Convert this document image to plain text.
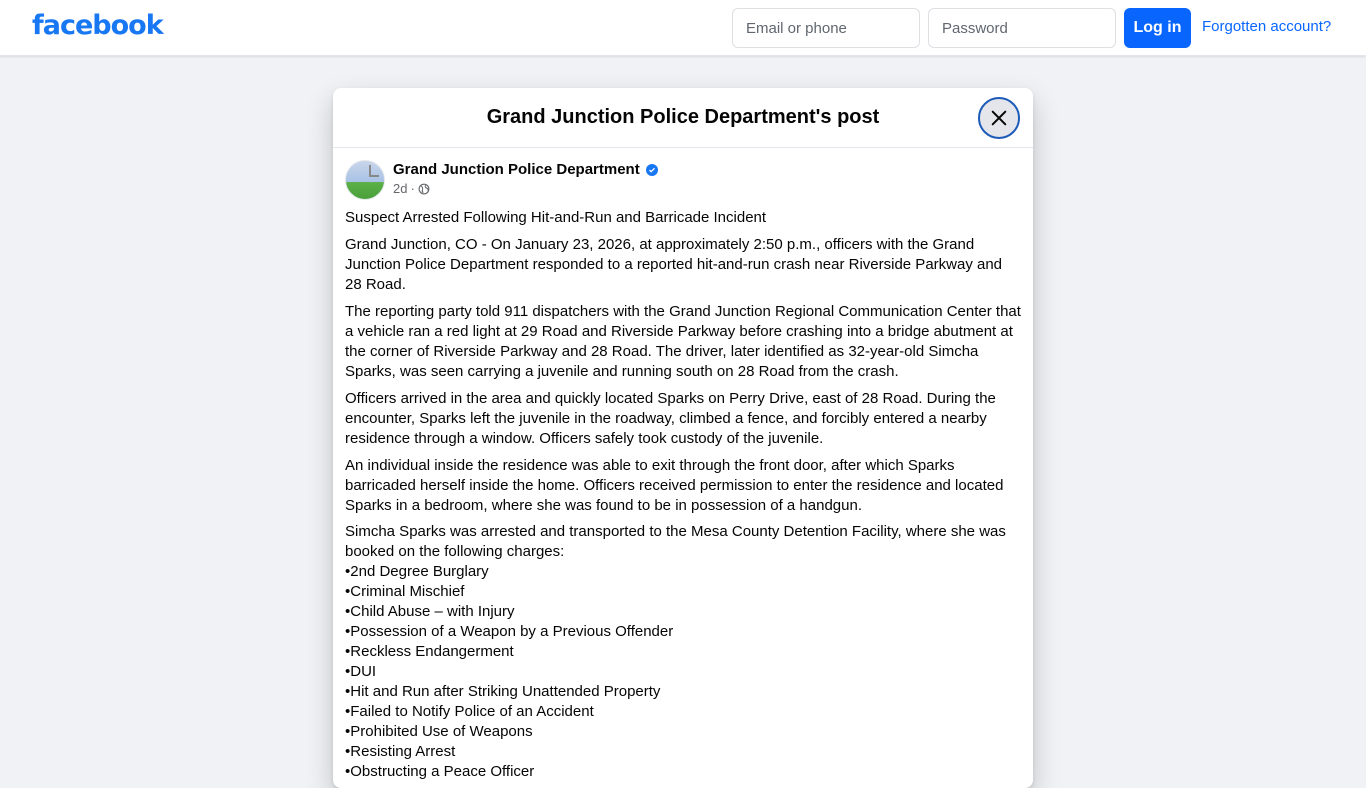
facebook
Email or phone	Log in	Forgotten account?
Grand Junction Police Department's post
Grand Junction Police Department
2d ·

Suspect Arrested Following Hit-and-Run and Barricade Incident

Grand Junction, CO - On January 23, 2026, at approximately 2:50 p.m., officers with the Grand Junction Police Department responded to a reported hit-and-run crash near Riverside Parkway and 28 Road.

The reporting party told 911 dispatchers with the Grand Junction Regional Communication Center that a vehicle ran a red light at 29 Road and Riverside Parkway before crashing into a bridge abutment at the corner of Riverside Parkway and 28 Road. The driver, later identified as 32-year-old Simcha Sparks, was seen carrying a juvenile and running south on 28 Road from the crash.

Officers arrived in the area and quickly located Sparks on Perry Drive, east of 28 Road. During the encounter, Sparks left the juvenile in the roadway, climbed a fence, and forcibly entered a nearby residence through a window. Officers safely took custody of the juvenile.

An individual inside the residence was able to exit through the front door, after which Sparks barricaded herself inside the home. Officers received permission to enter the residence and located Sparks in a bedroom, where she was found to be in possession of a handgun.

Simcha Sparks was arrested and transported to the Mesa County Detention Facility, where she was booked on the following charges:

• 2nd Degree Burglary
• Criminal Mischief
• Child Abuse – with Injury
• Possession of a Weapon by a Previous Offender
• Reckless Endangerment
• DUI
• Hit and Run after Striking Unattended Property
• Failed to Notify Police of an Accident
• Prohibited Use of Weapons
• Resisting Arrest
• Obstructing a Peace Officer
